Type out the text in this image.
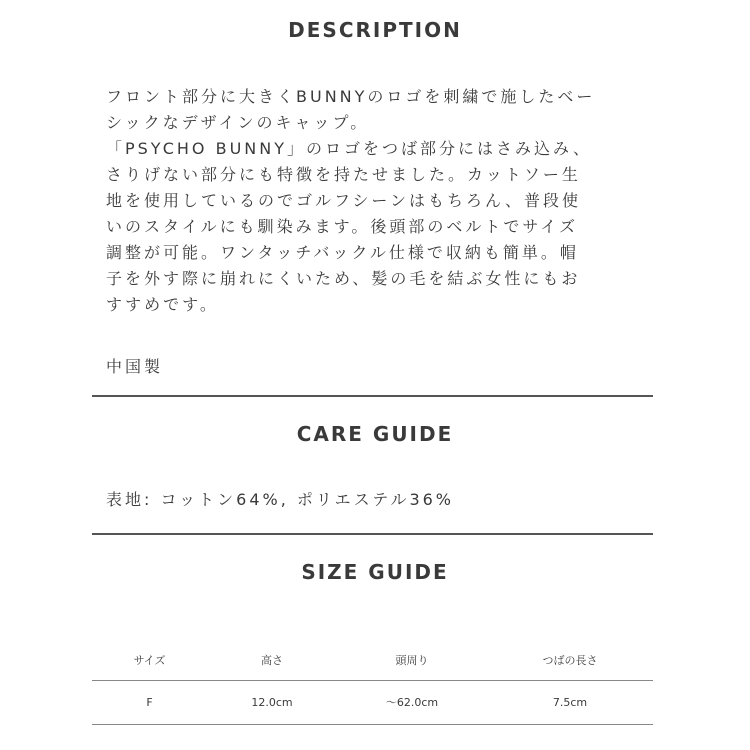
DESCRIPTION
フロント部分に大きくBUNNYのロゴを刺繍で施したベー
シックなデザインのキャップ。
「PSYCHO BUNNY」のロゴをつば部分にはさみ込み、
さりげない部分にも特徴を持たせました。カットソー生
地を使用しているのでゴルフシーンはもちろん、普段使
いのスタイルにも馴染みます。後頭部のベルトでサイズ
調整が可能。ワンタッチバックル仕様で収納も簡単。帽
子を外す際に崩れにくいため、髪の毛を結ぶ女性にもお
すすめです。
中国製
CARE GUIDE
表地: コットン64%, ポリエステル36%
SIZE GUIDE
サイズ	高さ	頭周り	つばの長さ
F	12.0cm	〜62.0cm	7.5cm
